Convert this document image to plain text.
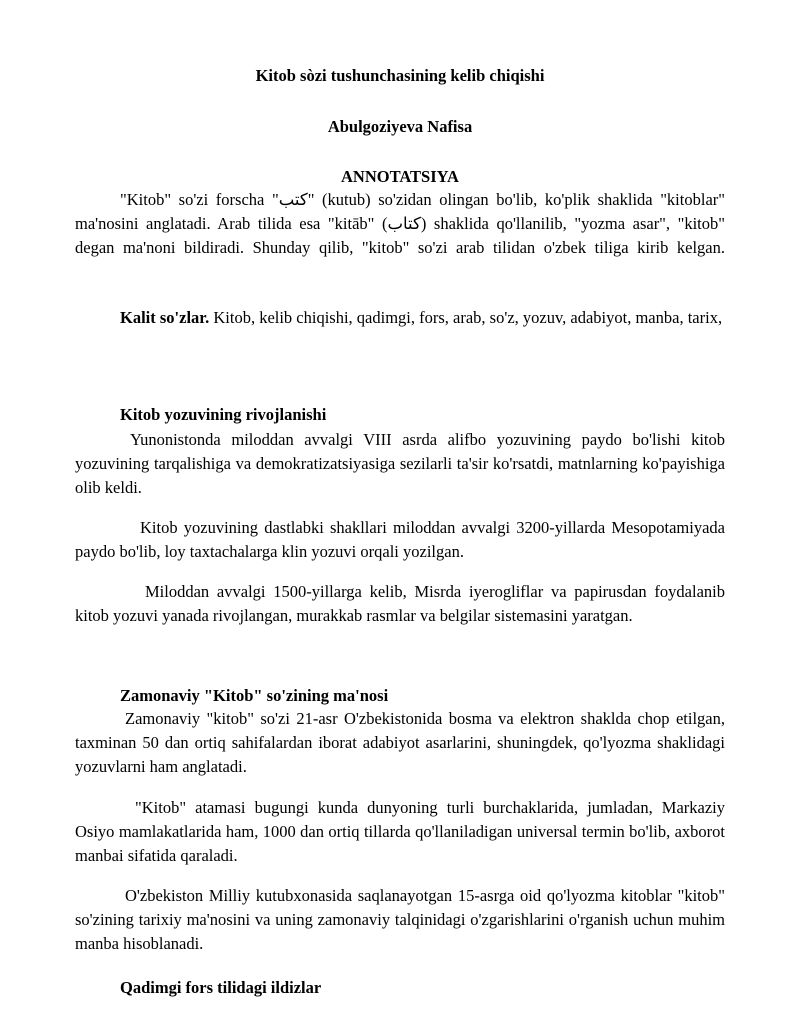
Kitob sòzi tushunchasining kelib chiqishi
Abulgoziyeva Nafisa
ANNOTATSIYA
"Kitob" so'zi forscha "كتب" (kutub) so'zidan olingan bo'lib, ko'plik shaklida "kitoblar" ma'nosini anglatadi. Arab tilida esa "kitāb" (كتاب) shaklida qo'llanilib, "yozma asar", "kitob" degan ma'noni bildiradi. Shunday qilib, "kitob" so'zi arab tilidan o'zbek tiliga kirib kelgan.
Kalit so'zlar. Kitob, kelib chiqishi, qadimgi, fors, arab, so'z, yozuv, adabiyot, manba, tarix,
Kitob yozuvining rivojlanishi
Yunonistonda miloddan avvalgi VIII asrda alifbo yozuvining paydo bo'lishi kitob yozuvining tarqalishiga va demokratizatsiyasiga sezilarli ta'sir ko'rsatdi, matnlarning ko'payishiga olib keldi.
Kitob yozuvining dastlabki shakllari miloddan avvalgi 3200-yillarda Mesopotamiyada paydo bo'lib, loy taxtachalarga klin yozuvi orqali yozilgan.
Miloddan avvalgi 1500-yillarga kelib, Misrda iyerogliflar va papirusdan foydalanib kitob yozuvi yanada rivojlangan, murakkab rasmlar va belgilar sistemasini yaratgan.
Zamonaviy "Kitob" so'zining ma'nosi
Zamonaviy "kitob" so'zi 21-asr O'zbekistonida bosma va elektron shaklda chop etilgan, taxminan 50 dan ortiq sahifalardan iborat adabiyot asarlarini, shuningdek, qo'lyozma shaklidagi yozuvlarni ham anglatadi.
"Kitob" atamasi bugungi kunda dunyoning turli burchaklarida, jumladan, Markaziy Osiyo mamlakatlarida ham, 1000 dan ortiq tillarda qo'llaniladigan universal termin bo'lib, axborot manbai sifatida qaraladi.
O'zbekiston Milliy kutubxonasida saqlanayotgan 15-asrga oid qo'lyozma kitoblar "kitob" so'zining tarixiy ma'nosini va uning zamonaviy talqinidagi o'zgarishlarini o'rganish uchun muhim manba hisoblanadi.
Qadimgi fors tilidagi ildizlar
